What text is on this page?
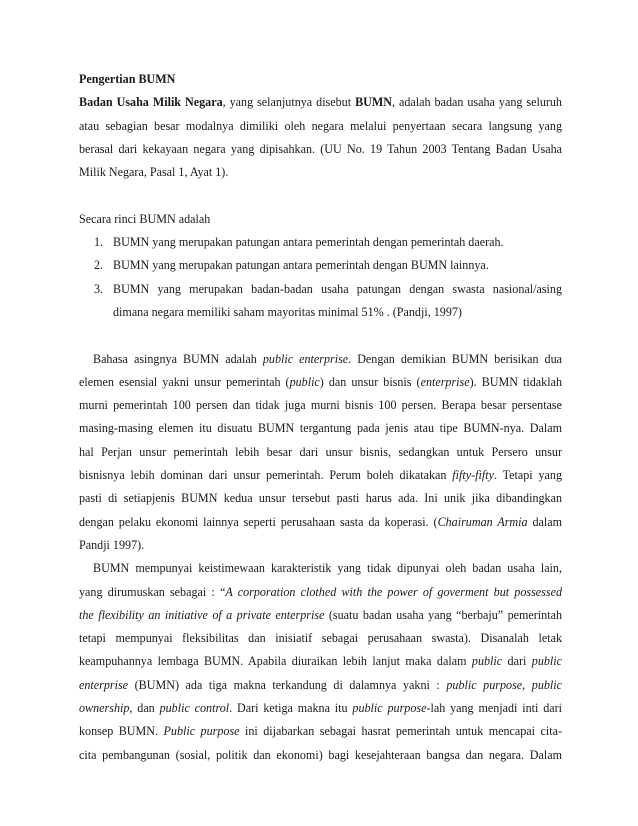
Pengertian BUMN
Badan Usaha Milik Negara, yang selanjutnya disebut BUMN, adalah badan usaha yang seluruh
atau sebagian besar modalnya dimiliki oleh negara melalui penyertaan secara langsung yang
berasal dari kekayaan negara yang dipisahkan. (UU No. 19 Tahun 2003 Tentang Badan Usaha
Milik Negara, Pasal 1, Ayat 1).
Secara rinci BUMN adalah
1. BUMN yang merupakan patungan antara pemerintah dengan pemerintah daerah.
2. BUMN yang merupakan patungan antara pemerintah dengan BUMN lainnya.
3. BUMN yang merupakan badan-badan usaha patungan dengan swasta nasional/asing
dimana negara memiliki saham mayoritas minimal 51% . (Pandji, 1997)
Bahasa asingnya BUMN adalah public enterprise. Dengan demikian BUMN berisikan dua
elemen esensial yakni unsur pemerintah (public) dan unsur bisnis (enterprise). BUMN tidaklah
murni pemerintah 100 persen dan tidak juga murni bisnis 100 persen. Berapa besar persentase
masing-masing elemen itu disuatu BUMN tergantung pada jenis atau tipe BUMN-nya. Dalam
hal Perjan unsur pemerintah lebih besar dari unsur bisnis, sedangkan untuk Persero unsur
bisnisnya lebih dominan dari unsur pemerintah. Perum boleh dikatakan fifty-fifty. Tetapi yang
pasti di setiapjenis BUMN kedua unsur tersebut pasti harus ada. Ini unik jika dibandingkan
dengan pelaku ekonomi lainnya seperti perusahaan sasta da koperasi. (Chairuman Armia dalam
Pandji 1997).
BUMN mempunyai keistimewaan karakteristik yang tidak dipunyai oleh badan usaha lain,
yang dirumuskan sebagai : “A corporation clothed with the power of goverment but possessed
the flexibility an initiative of a private enterprise (suatu badan usaha yang “berbaju” pemerintah
tetapi mempunyai fleksibilitas dan inisiatif sebagai perusahaan swasta). Disanalah letak
keampuhannya lembaga BUMN. Apabila diuraikan lebih lanjut maka dalam public dari public
enterprise (BUMN) ada tiga makna terkandung di dalamnya yakni : public purpose, public
ownership, dan public control. Dari ketiga makna itu public purpose-lah yang menjadi inti dari
konsep BUMN. Public purpose ini dijabarkan sebagai hasrat pemerintah untuk mencapai cita-
cita pembangunan (sosial, politik dan ekonomi) bagi kesejahteraan bangsa dan negara. Dalam
